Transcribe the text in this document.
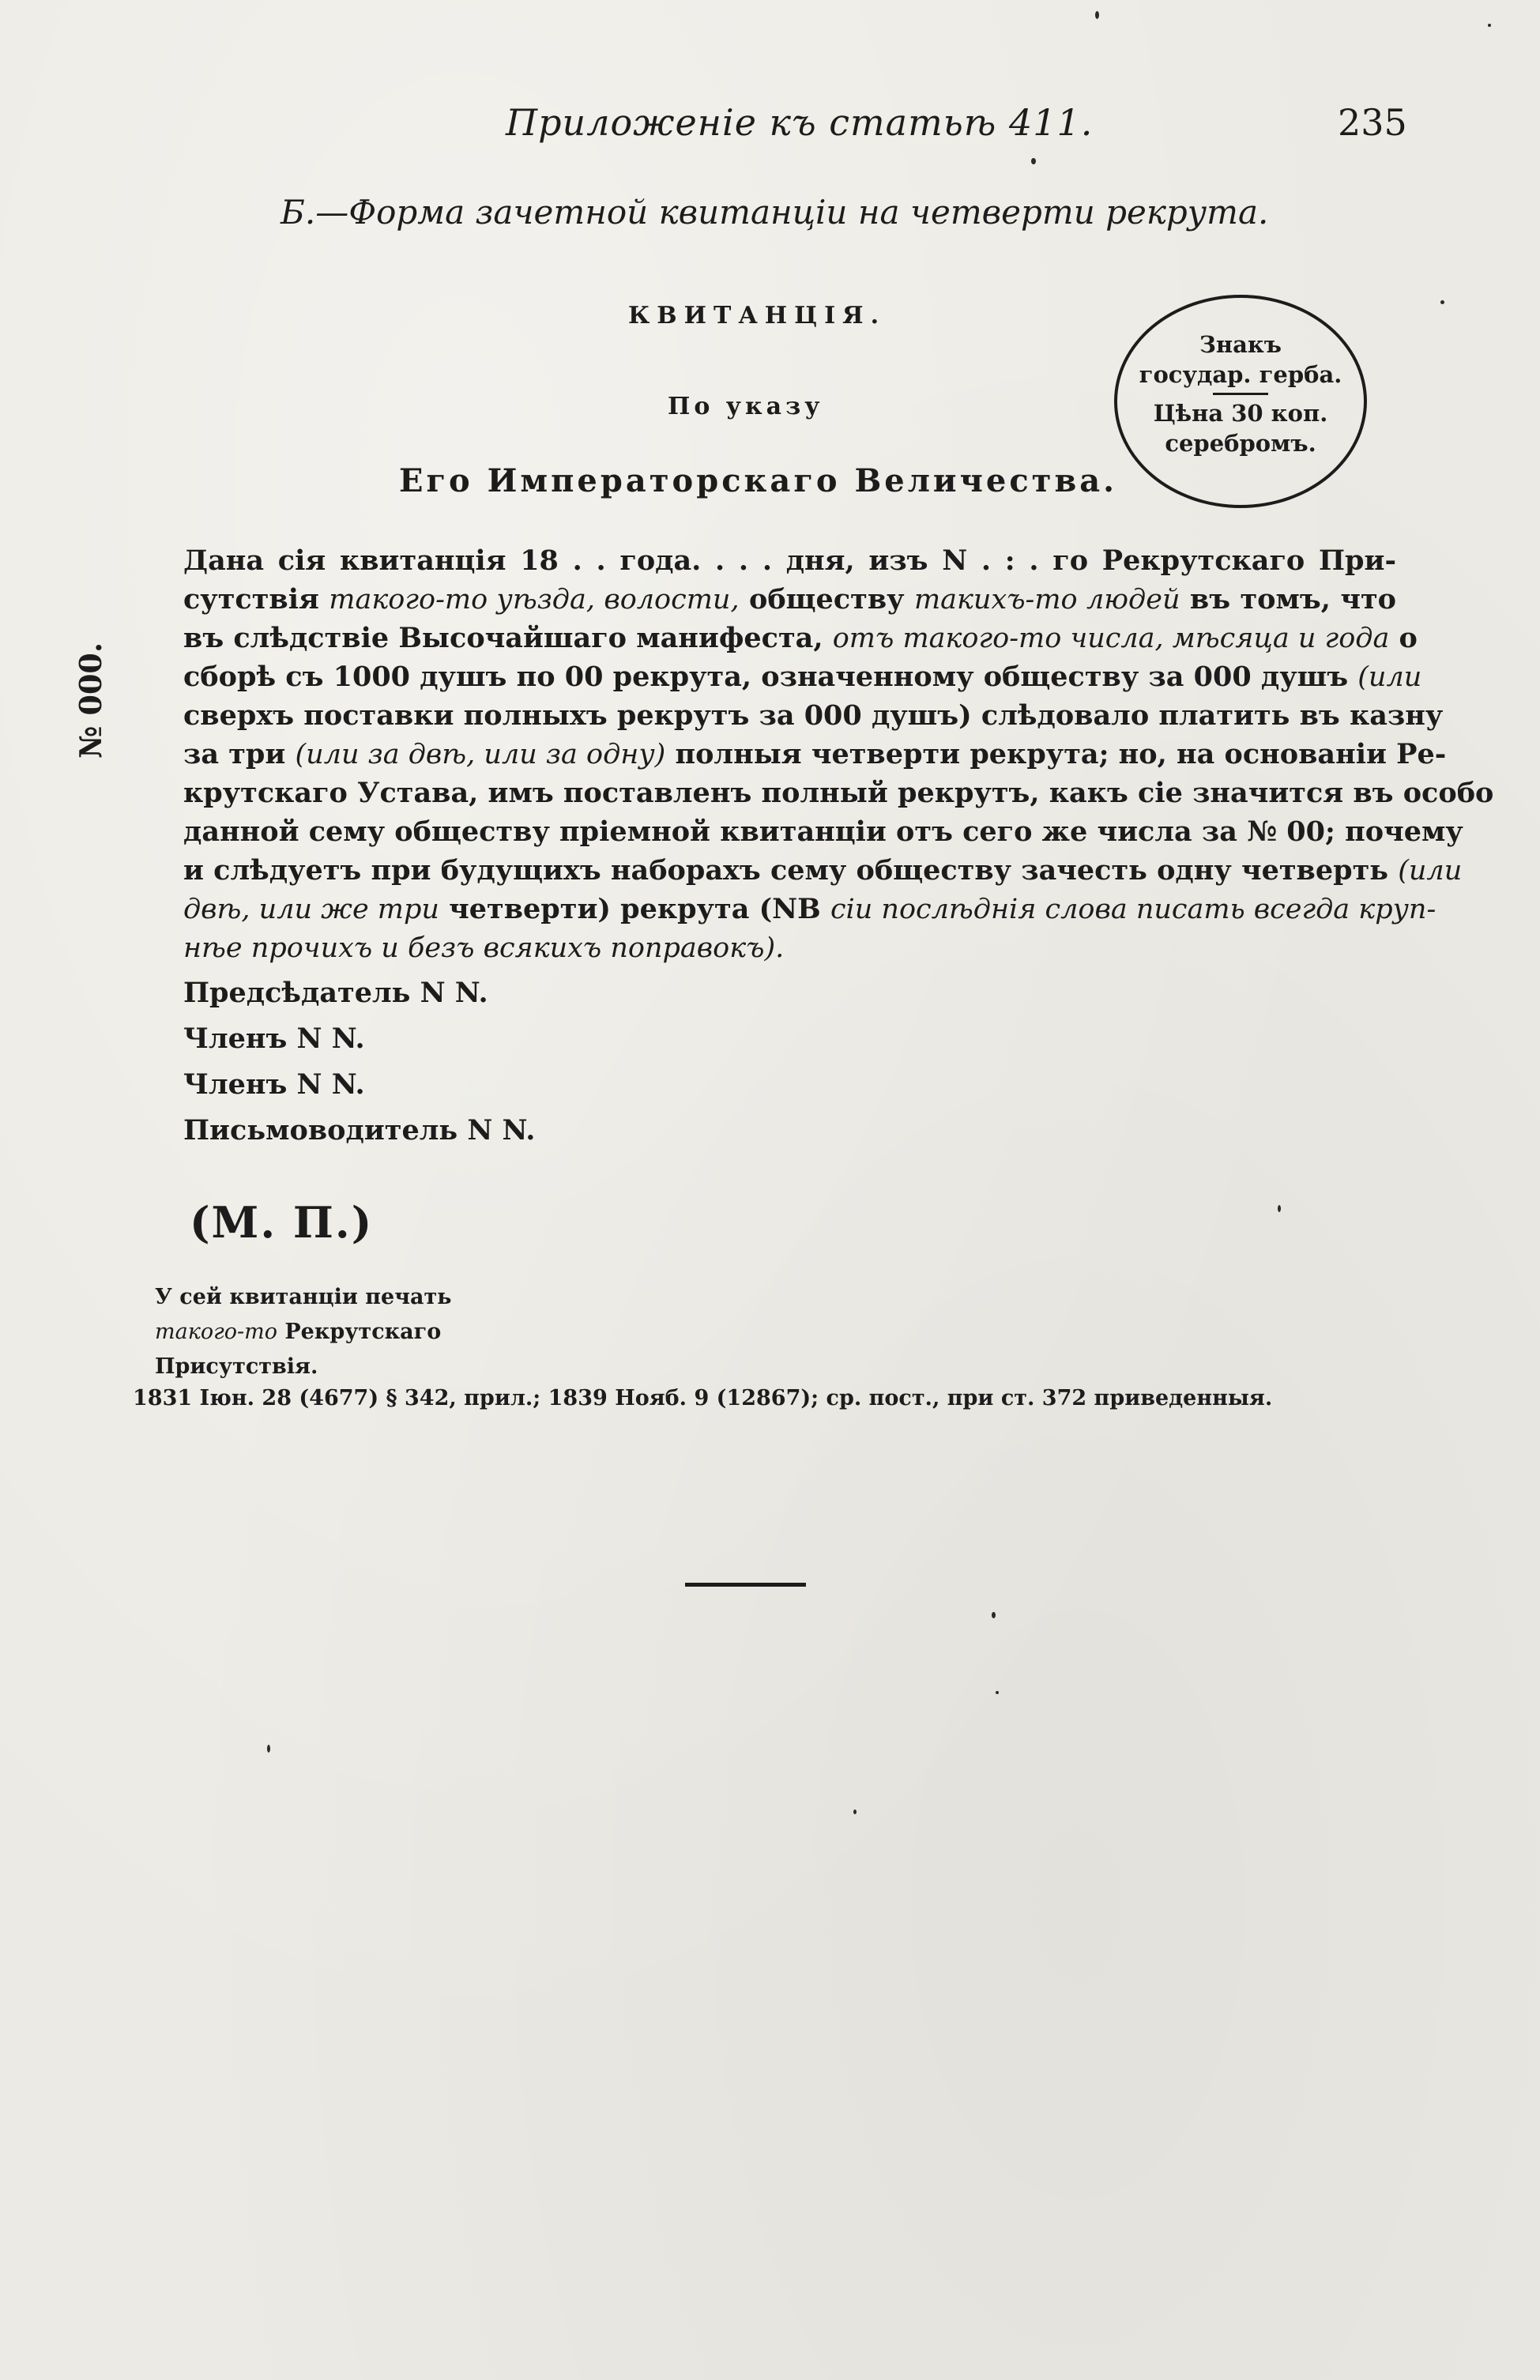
Приложеніе къ статьѣ 411.	235
Б.—Форма зачетной квитанціи на четверти рекрута.
КВИТАНЦІЯ.
По указу
Его Императорскаго Величества.
Знакъ
государ. герба.
Цѣна 30 коп.
серебромъ.
№ 000.
Дана сія квитанція 18 . . года. . . . дня, изъ N . : . го Рекрутскаго При-
сутствія такого-то уѣзда, волости, обществу такихъ-то людей въ томъ, что
въ слѣдствіе Высочайшаго манифеста, отъ такого-то числа, мѣсяца и года о
сборѣ съ 1000 душъ по 00 рекрута, означенному обществу за 000 душъ (или
сверхъ поставки полныхъ рекрутъ за 000 душъ) слѣдовало платить въ казну
за три (или за двѣ, или за одну) полныя четверти рекрута; но, на основаніи Ре-
крутскаго Устава, имъ поставленъ полный рекрутъ, какъ сіе значится въ особо
данной сему обществу пріемной квитанціи отъ сего же числа за № 00; почему
и слѣдуетъ при будущихъ наборахъ сему обществу зачесть одну четверть (или
двѣ, или же три четверти) рекрута (NB сіи послѣднія слова писать всегда круп-
нѣе прочихъ и безъ всякихъ поправокъ).
Предсѣдатель N N.
Членъ N N.
Членъ N N.
Письмоводитель N N.
(М. П.)
У сей квитанціи печать
такого-то Рекрутскаго
Присутствія.
1831 Іюн. 28 (4677) § 342, прил.; 1839 Нояб. 9 (12867); ср. пост., при ст. 372 приведенныя.
